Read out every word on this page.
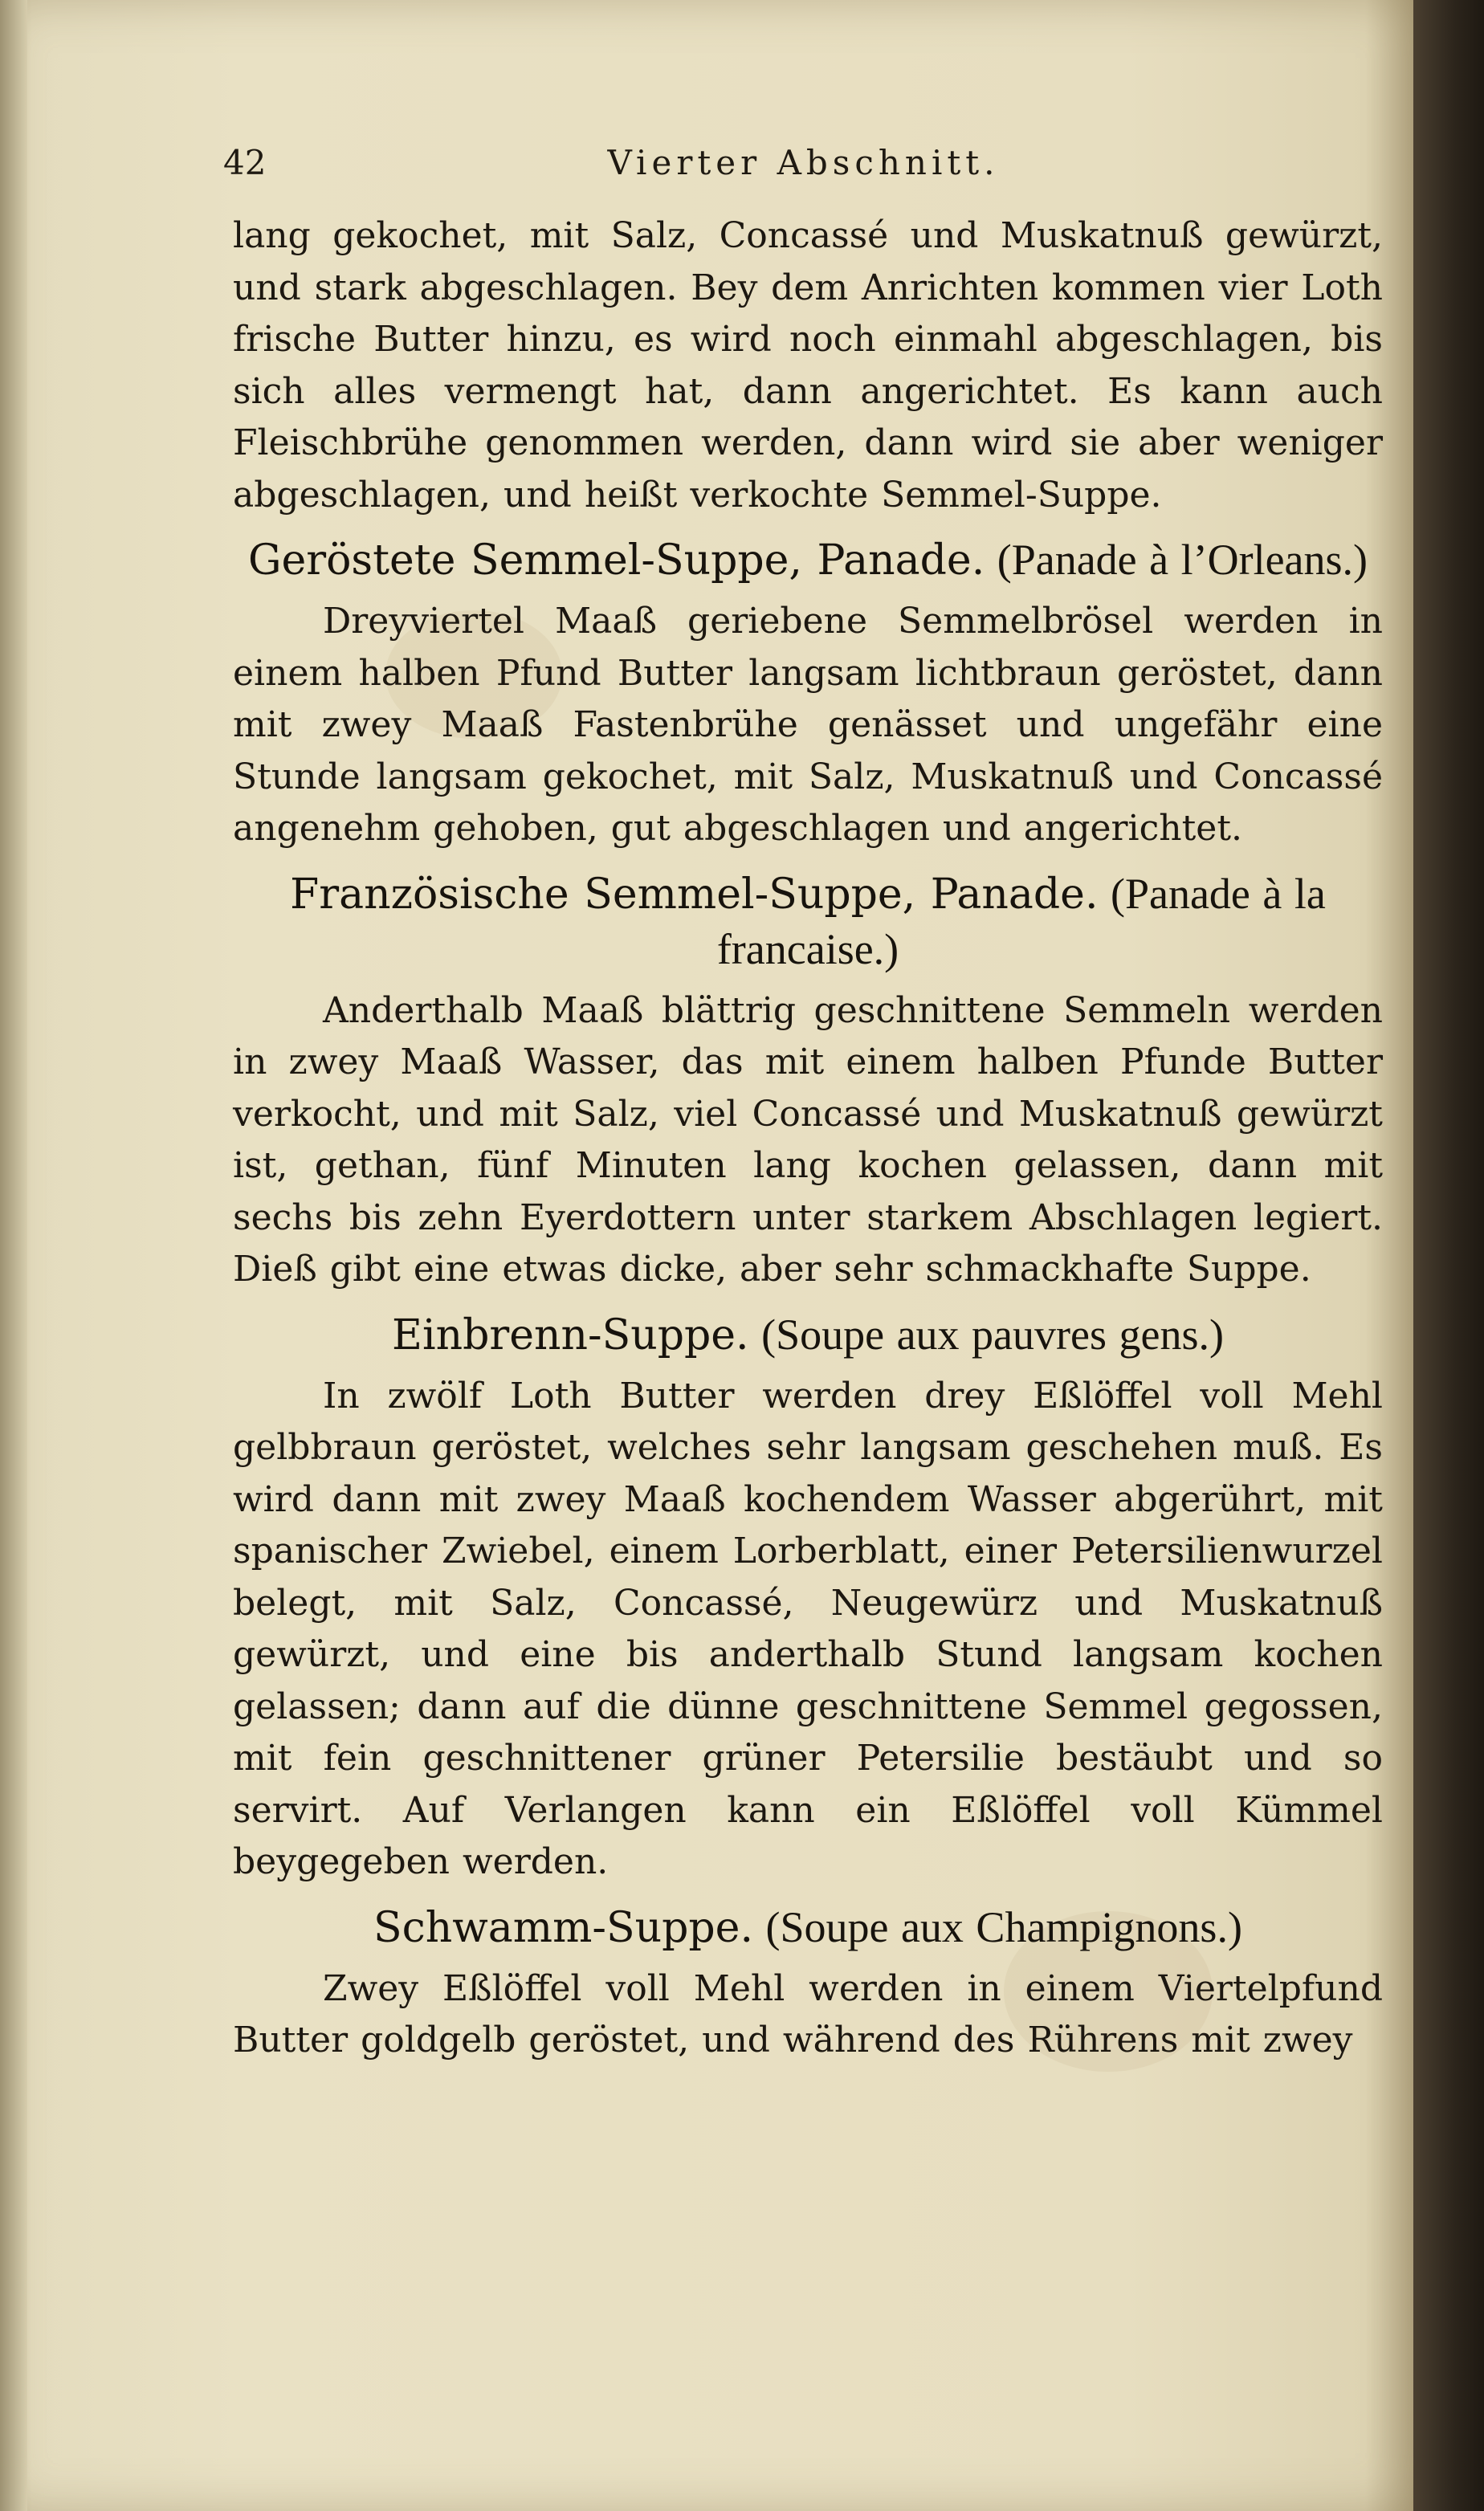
42	Vierter Abschnitt.

lang gekochet, mit Salz, Concassé und Muskatnuß gewürzt, und stark abgeschlagen. Bey dem Anrichten kommen vier Loth frische Butter hinzu, es wird noch einmahl abgeschlagen, bis sich alles vermengt hat, dann angerichtet. Es kann auch Fleischbrühe genommen werden, dann wird sie aber weniger abgeschlagen, und heißt verkochte Semmel-Suppe.

Geröstete Semmel-Suppe, Panade. (Panade à l’Orleans.)

Dreyviertel Maaß geriebene Semmelbrösel werden in einem halben Pfund Butter langsam lichtbraun geröstet, dann mit zwey Maaß Fastenbrühe genässet und ungefähr eine Stunde langsam gekochet, mit Salz, Muskatnuß und Concassé angenehm gehoben, gut abgeschlagen und angerichtet.

Französische Semmel-Suppe, Panade. (Panade à la francaise.)

Anderthalb Maaß blättrig geschnittene Semmeln werden in zwey Maaß Wasser, das mit einem halben Pfunde Butter verkocht, und mit Salz, viel Concassé und Muskatnuß gewürzt ist, gethan, fünf Minuten lang kochen gelassen, dann mit sechs bis zehn Eyerdottern unter starkem Abschlagen legiert. Dieß gibt eine etwas dicke, aber sehr schmackhafte Suppe.

Einbrenn-Suppe. (Soupe aux pauvres gens.)

In zwölf Loth Butter werden drey Eßlöffel voll Mehl gelbbraun geröstet, welches sehr langsam geschehen muß. Es wird dann mit zwey Maaß kochendem Wasser abgerührt, mit spanischer Zwiebel, einem Lorberblatt, einer Petersilienwurzel belegt, mit Salz, Concassé, Neugewürz und Muskatnuß gewürzt, und eine bis anderthalb Stund langsam kochen gelassen; dann auf die dünne geschnittene Semmel gegossen, mit fein geschnittener grüner Petersilie bestäubt und so servirt. Auf Verlangen kann ein Eßlöffel voll Kümmel beygegeben werden.

Schwamm-Suppe. (Soupe aux Champignons.)

Zwey Eßlöffel voll Mehl werden in einem Viertelpfund Butter goldgelb geröstet, und während des Rührens mit zwey
